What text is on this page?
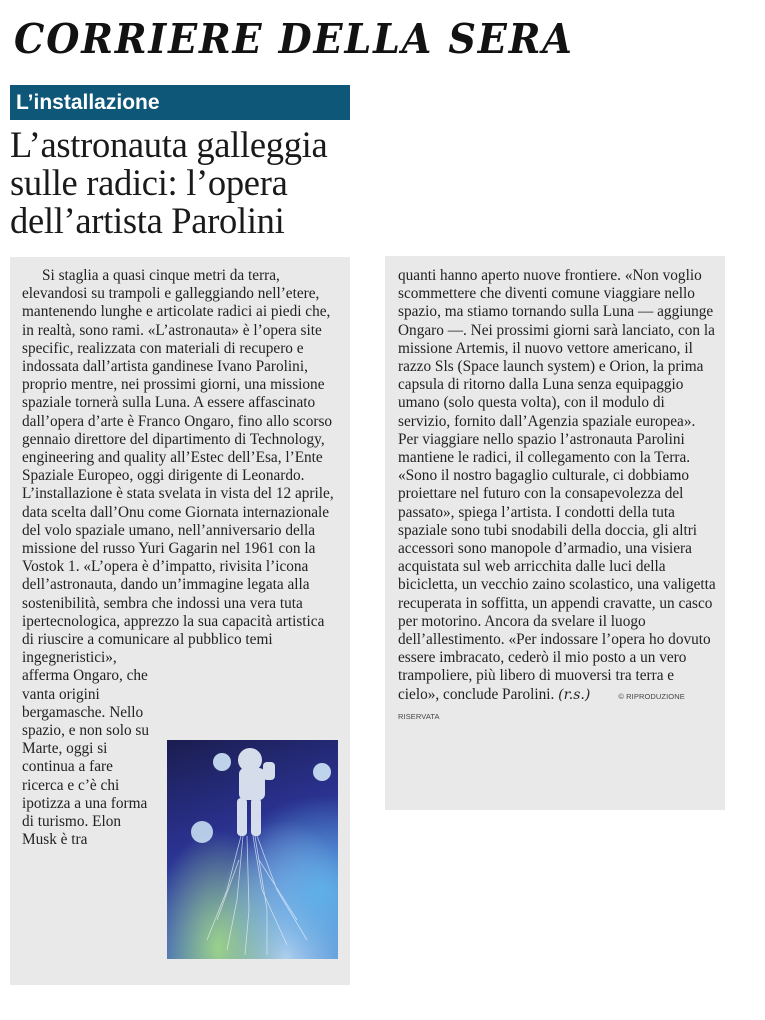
CORRIERE DELLA SERA
L’installazione
L’astronauta galleggia sulle radici: l’opera dell’artista Parolini

Si staglia a quasi cinque metri da terra, elevandosi su trampoli e galleggiando nell’etere, mantenendo lunghe e articolate radici ai piedi che, in realtà, sono rami. «L’astronauta» è l’opera site specific, realizzata con materiali di recupero e indossata dall’artista gandinese Ivano Parolini, proprio mentre, nei prossimi giorni, una missione spaziale tornerà sulla Luna. A essere affascinato dall’opera d’arte è Franco Ongaro, fino allo scorso gennaio direttore del dipartimento di Technology, engineering and quality all’Estec dell’Esa, l’Ente Spaziale Europeo, oggi dirigente di Leonardo. L’installazione è stata svelata in vista del 12 aprile, data scelta dall’Onu come Giornata internazionale del volo spaziale umano, nell’anniversario della missione del russo Yuri Gagarin nel 1961 con la Vostok 1. «L’opera è d’impatto, rivisita l’icona dell’astronauta, dando un’immagine legata alla sostenibilità, sembra che indossi una vera tuta ipertecnologica, apprezzo la sua capacità artistica di riuscire a comunicare al pubblico temi

ingegneristici», afferma Ongaro, che vanta origini bergamasche. Nello spazio, e non solo su Marte, oggi si continua a fare ricerca e c’è chi ipotizza a una forma di turismo. Elon Musk è tra

quanti hanno aperto nuove frontiere. «Non voglio scommettere che diventi comune viaggiare nello spazio, ma stiamo tornando sulla Luna — aggiunge Ongaro —. Nei prossimi giorni sarà lanciato, con la missione Artemis, il nuovo vettore americano, il razzo Sls (Space launch system) e Orion, la prima capsula di ritorno dalla Luna senza equipaggio umano (solo questa volta), con il modulo di servizio, fornito dall’Agenzia spaziale europea». Per viaggiare nello spazio l’astronauta Parolini mantiene le radici, il collegamento con la Terra. «Sono il nostro bagaglio culturale, ci dobbiamo proiettare nel futuro con la consapevolezza del passato», spiega l’artista. I condotti della tuta spaziale sono tubi snodabili della doccia, gli altri accessori sono manopole d’armadio, una visiera acquistata sul web arricchita dalle luci della bicicletta, un vecchio zaino scolastico, una valigetta recuperata in soffitta, un appendi cravatte, un casco per motorino. Ancora da svelare il luogo dell’allestimento. «Per indossare l’opera ho dovuto essere imbracato, cederò il mio posto a un vero trampoliere, più libero di muoversi tra terra e cielo», conclude Parolini. (r.s.)	© RIPRODUZIONE RISERVATA
